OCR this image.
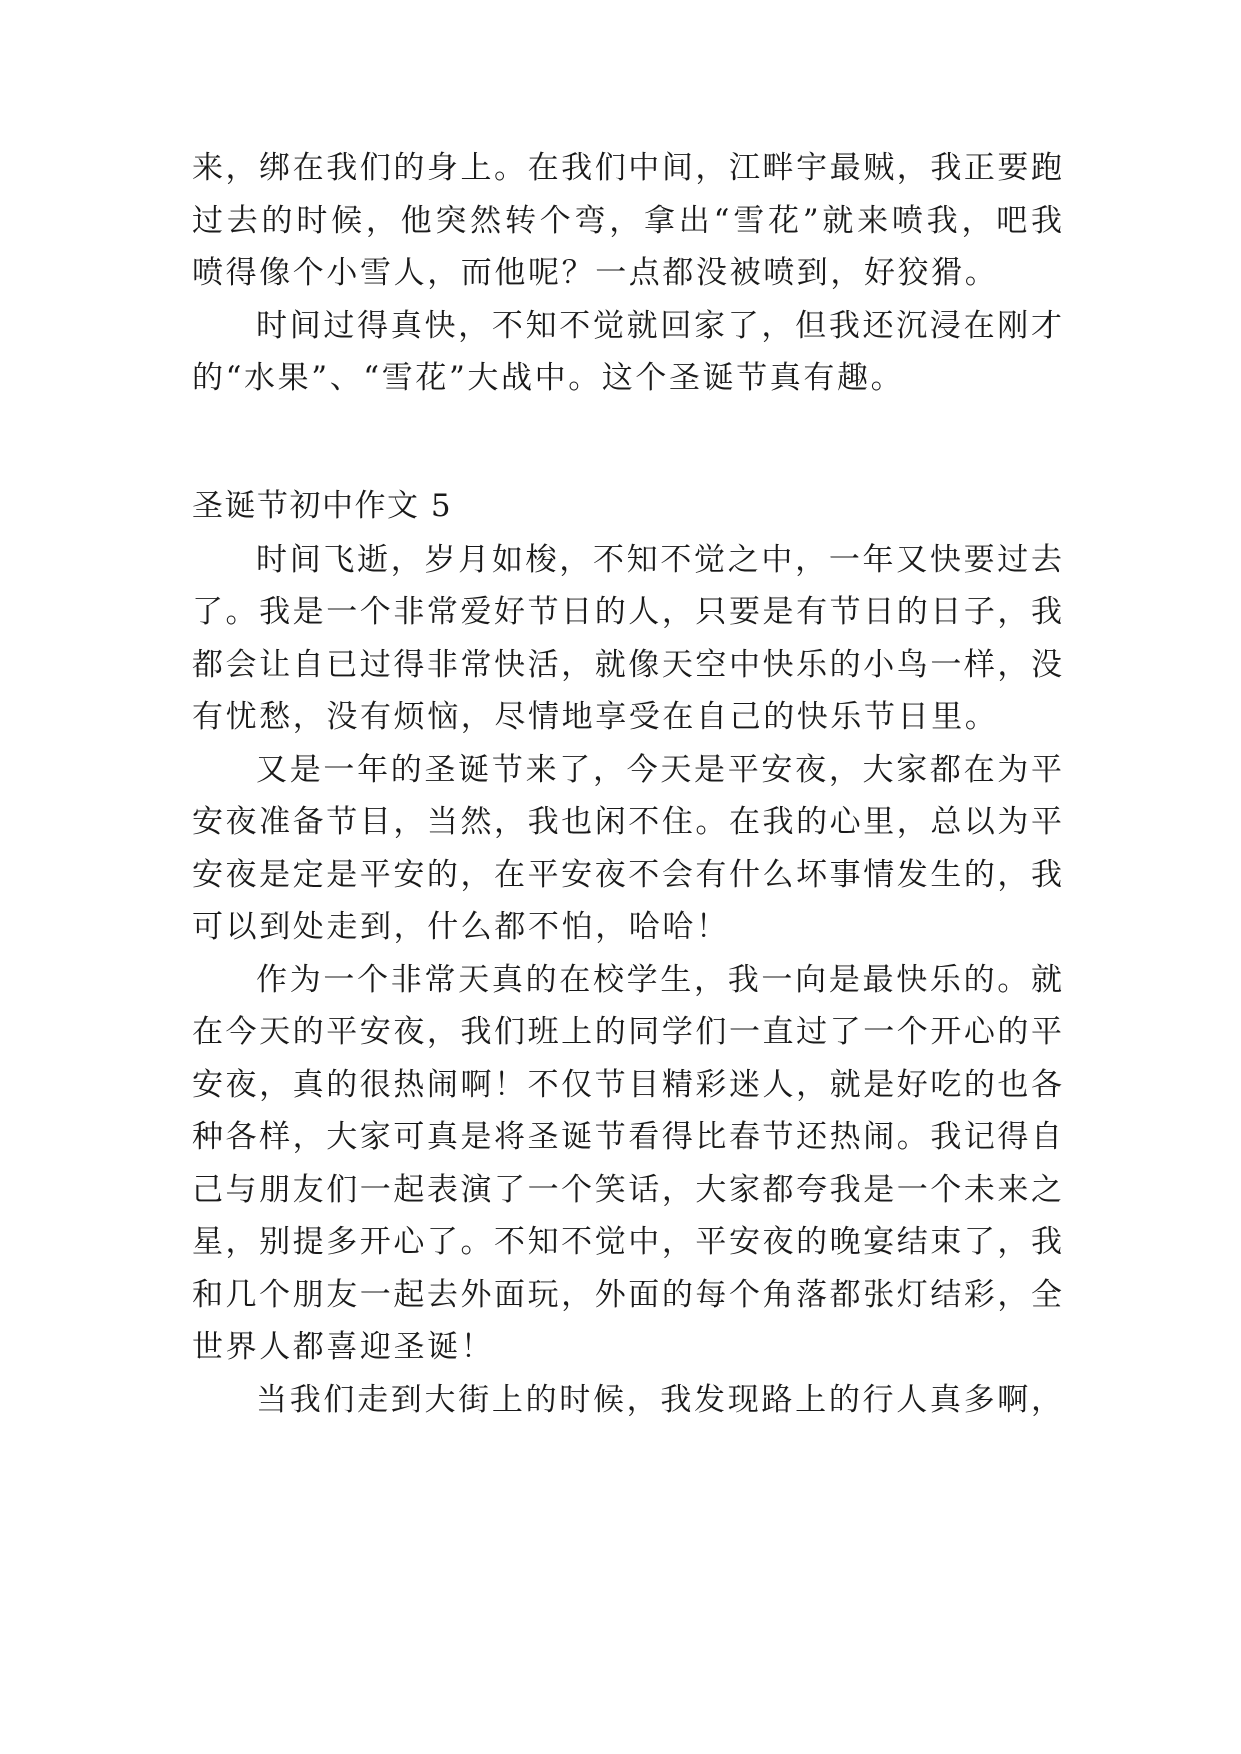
来，绑在我们的身上。在我们中间，江畔宇最贼，我正要跑
过去的时候，他突然转个弯，拿出“雪花”就来喷我，吧我
喷得像个小雪人，而他呢？一点都没被喷到，好狡猾。
时间过得真快，不知不觉就回家了，但我还沉浸在刚才
的“水果”、“雪花”大战中。这个圣诞节真有趣。
圣诞节初中作文 5
时间飞逝，岁月如梭，不知不觉之中，一年又快要过去
了。我是一个非常爱好节日的人，只要是有节日的日子，我
都会让自已过得非常快活，就像天空中快乐的小鸟一样，没
有忧愁，没有烦恼，尽情地享受在自己的快乐节日里。
又是一年的圣诞节来了，今天是平安夜，大家都在为平
安夜准备节目，当然，我也闲不住。在我的心里，总以为平
安夜是定是平安的，在平安夜不会有什么坏事情发生的，我
可以到处走到，什么都不怕，哈哈！
作为一个非常天真的在校学生，我一向是最快乐的。就
在今天的平安夜，我们班上的同学们一直过了一个开心的平
安夜，真的很热闹啊！不仅节目精彩迷人，就是好吃的也各
种各样，大家可真是将圣诞节看得比春节还热闹。我记得自
己与朋友们一起表演了一个笑话，大家都夸我是一个未来之
星，别提多开心了。不知不觉中，平安夜的晚宴结束了，我
和几个朋友一起去外面玩，外面的每个角落都张灯结彩，全
世界人都喜迎圣诞！
当我们走到大街上的时候，我发现路上的行人真多啊，
